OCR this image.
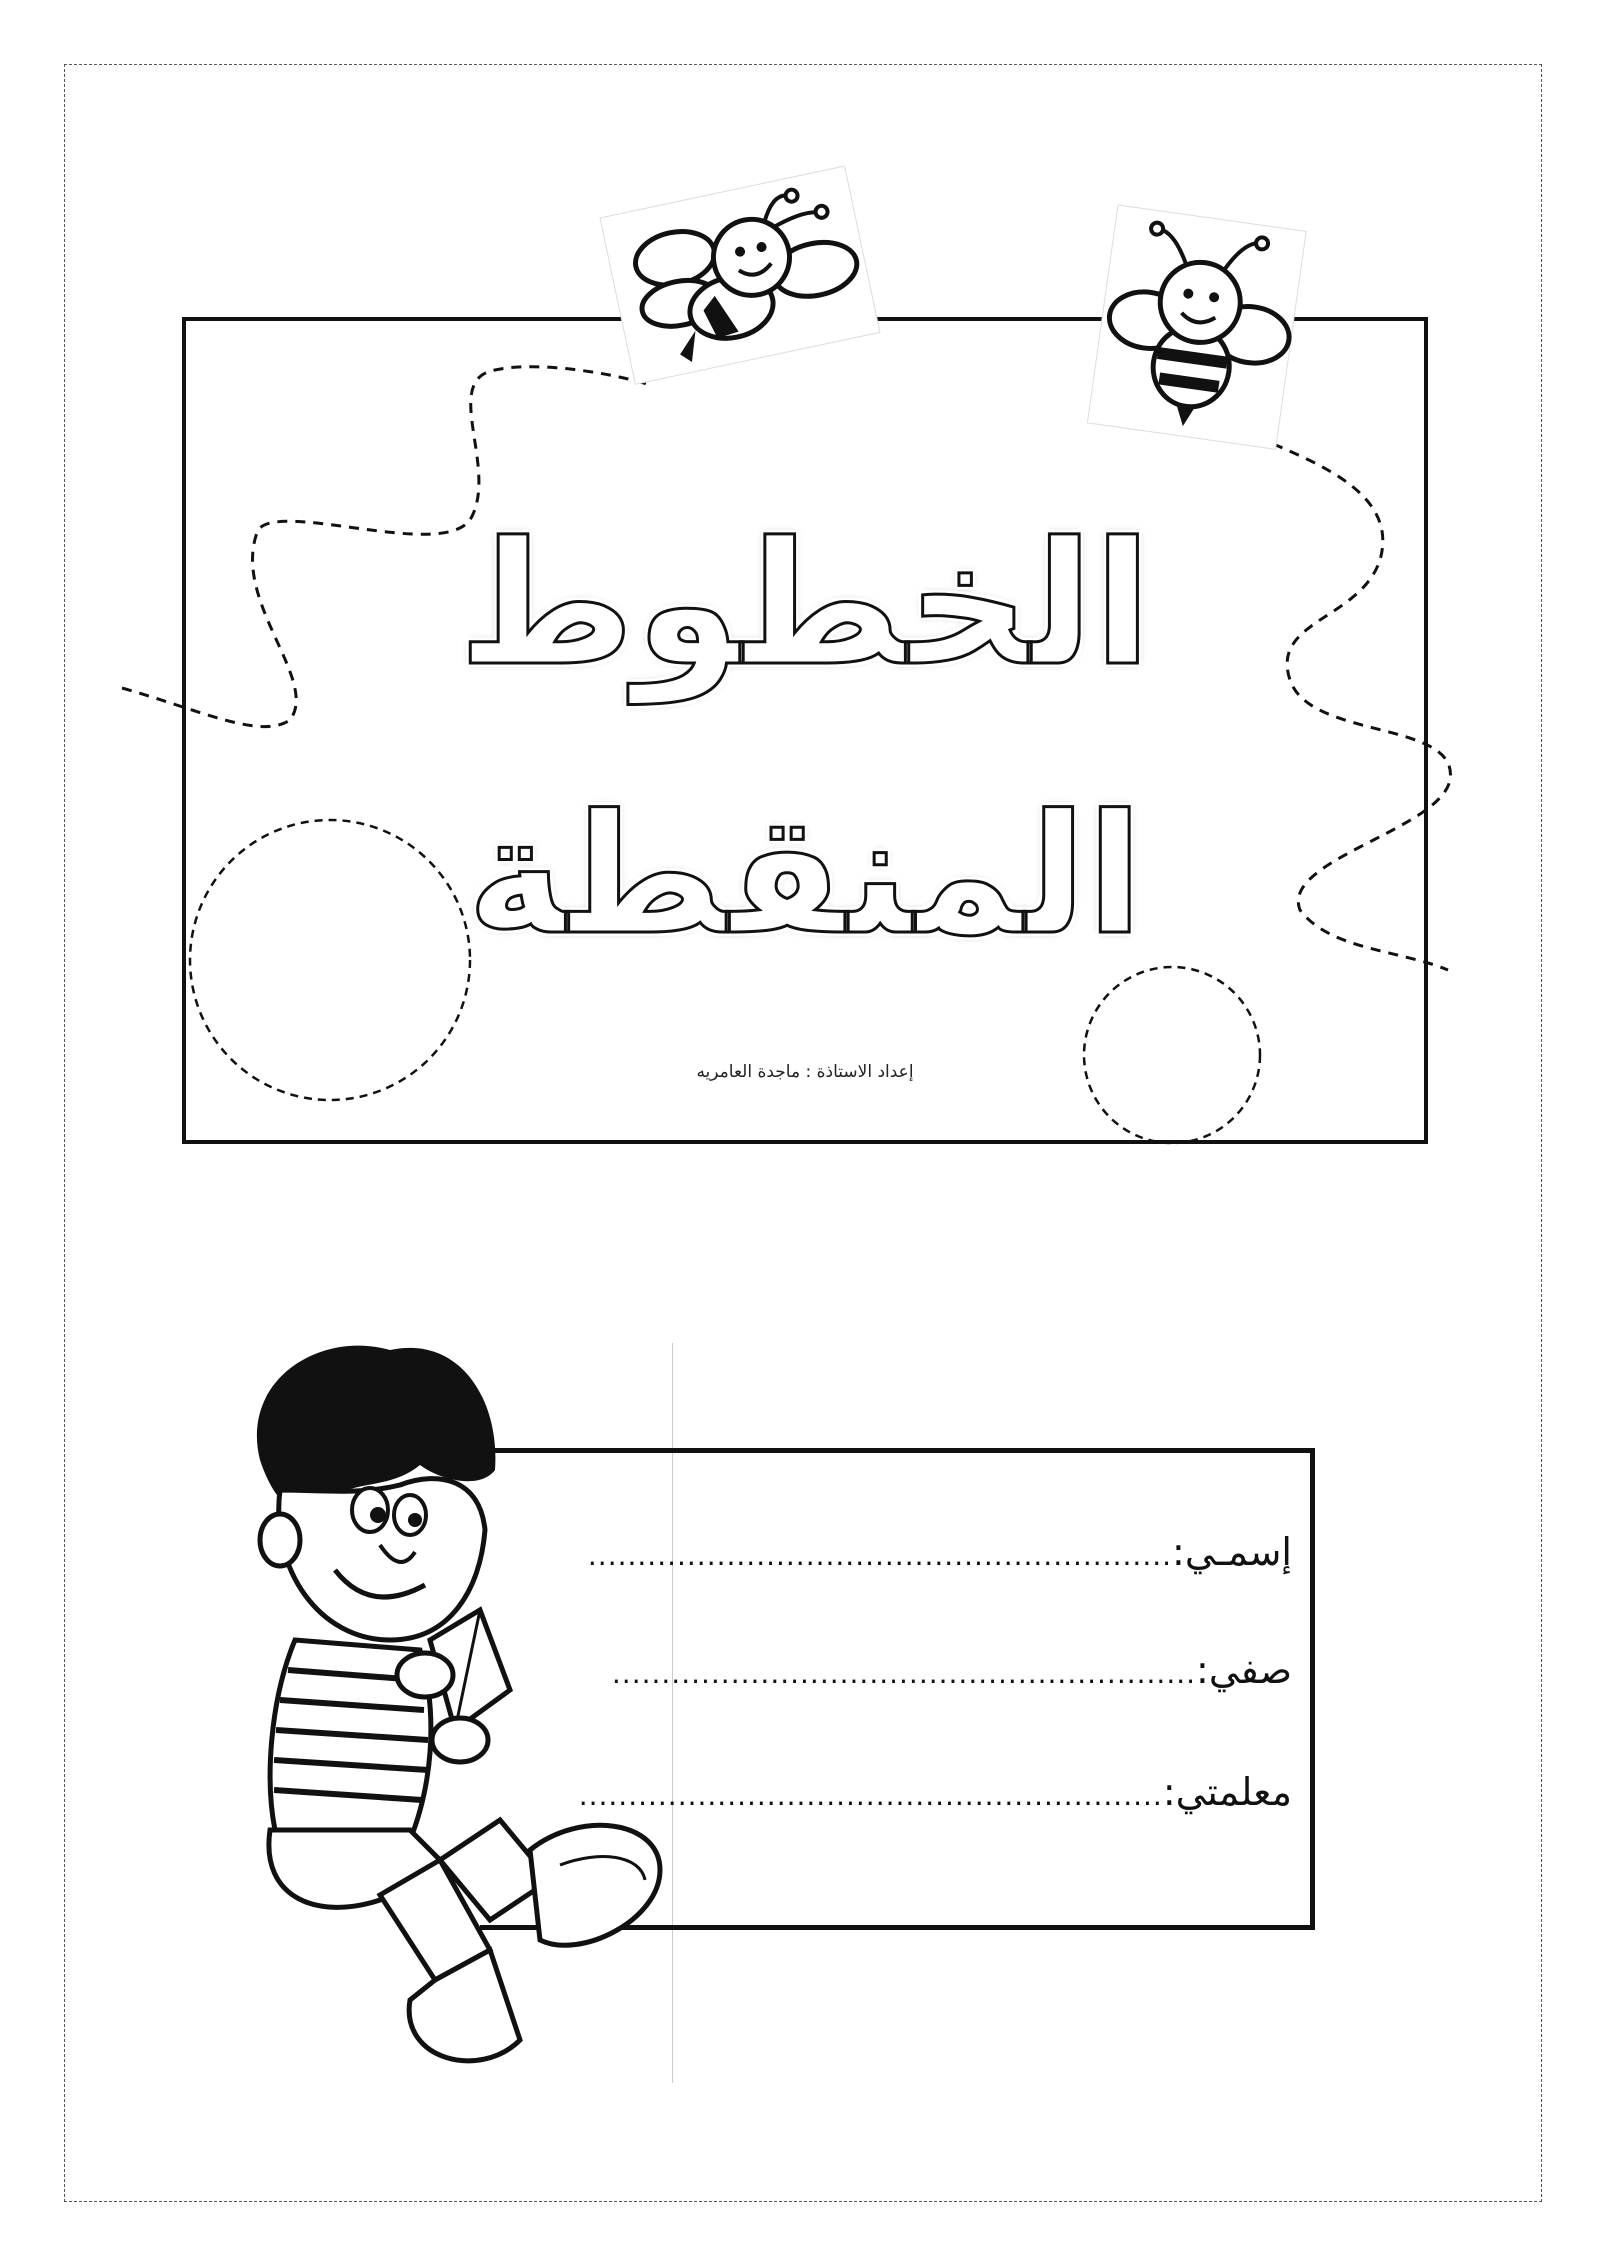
الخطوط
المنقطة
إعداد الاستاذة : ماجدة العامريه
إسمـي:
...........................................................
صفي:
...........................................................
معلمتي:
...........................................................
